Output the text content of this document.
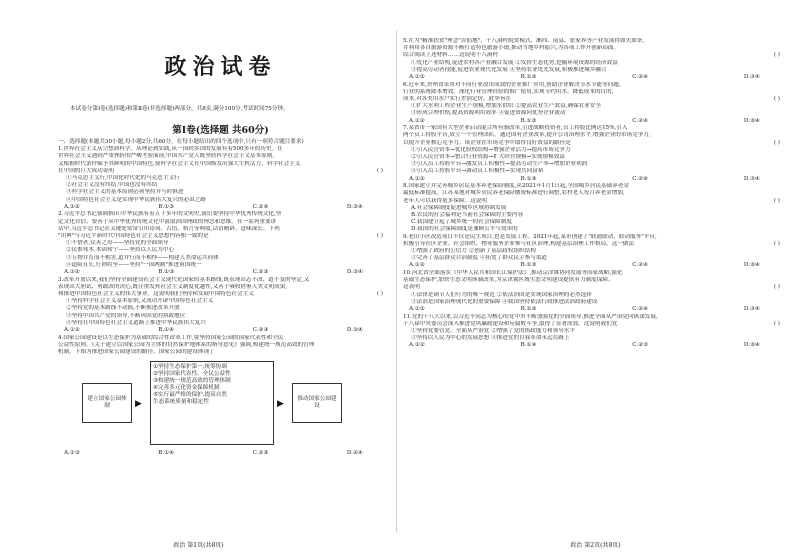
政治试卷
本试卷分第Ⅰ卷(选择题)和第Ⅱ卷(非选择题)两部分。共8页,满分100分,考试时间75分钟。
第Ⅰ卷(选择题 共60分)
一、选择题(本题共30小题,每小题2分,共60分。在每小题给出的四个选项中,只有一项符合题目要求)
1.世界社会主义从空想到科学、从理论到实践,从一国到多国的发展有着500多年的历史。在
世界社会主义遇到严重挫折的严峻考验面前,中国共产党人既坚持科学社会主义基本原则,
又根据时代条件赋予其鲜明的中国特色,使科学社会主义在中国焕发出强大生机活力。科学社会主义
在中国的巨大成功说明	( )
①马克思主义行,中国化时代化的马克思主义行
②社会主义没有终结,中国也没有终结
③科学社会主义的基本原则必须坚持并与时俱进
④中国特色社会主义是实现中华民族伟大复兴的必由之路
A.①②	B.①③	C.②④	D.③④
2.习近平总书记强调指出:中华民族有着五千多年的文明史,我们要坚持中华优秀传统文化,坚
定文化自信。要善于从中华优秀传统文化中汲取治国理政的理念和思维。在一系列重要讲
话中,习近平总书记在关键处常常引用诗词、古语、格言等典故,话语精辟、意味深长。下列
"用典"与习近平新时代中国特色社会主义思想内容相一致的是	( )
①不惜者,众善之母——坚持党的全面领导
②民惟邦本,本固邦宁——坚持以人民为中心
③万物并育而不相害,道并行而不相悖——构建人类命运共同体
④道阻且长,行则将至——坚持"一国两制"推进祖国统一
A.①②	B.①③	C.②③	D.③④
3.改革开放以来,我们坚持全面建设社会主义现代化国家的基本路线,既表现出志不改、道不变的坚定,又
表现出大胆试、勇敢改的决心,既注重发挥社会主义制度优越性,又善于吸收借鉴人类文明成果,
和推进中国特色社会主义的伟大事业。这说明我们坚持和发展中国特色社会主义	( )
①坚持科学社会主义基本原则,又成功开辟中国特色社会主义
②坚持党的基本路线不动摇,不断推进改革开放
③坚持中国共产党的领导,不断巩固党的执政地位
④坚持在中国特色社会主义道路上推进中华民族伟大复兴
A.①②	B.①④	C.②③	D.③④
4.国家公园建设是以生态保护为基础的综合性改革工作,要坚持国家公园的国家代表性和全民
公益性原则。《关于建立以国家公园为主体的自然保护地体系的指导意见》强调,构建统一规范高效的管理
机制。下图为推进国家公园建设的路径。国家公园的建设体现了
建立国家公园体制	▶
①坚持生态保护第一,统筹协调
②坚持国家代表性、全民公益性
③构建统一规范高效的管理体制
④完善多元化资金保障机制
⑤实行最严格的保护,提高自然
生态系统质量和稳定性	▶	推动国家公园建设
A.①③	B.①④	C.②③	D.②④
5.在为"精准扶贫"理念"首倡地"、十八洞村脱贫模式、湘西、南县、张家界等产业发展得如火如荼,
并利用各自旅游资源不断打造特色旅游小镇,推动当地乡村振兴,为各项工作开创新局面。
综合阅读上述材料……这说明十八洞村	( )
①优化产业结构,促进农村各产业融合发展 ②发挥生态优势,挖掘环境资源的经济效益
③提高劳动者技能,促进农业现代化发展 ④坚持农业优先发展,积极推进城乡融合
A.①②	B.①③	C.②④	D.③④
6.近年来,贵州省采用对不同行业改用成效的企业推广应用,帮助企业解决节水节能等问题,
行业的系统降本增效。深化行业管理经验的推广使用,实现节约用水、降低成本的目的,
成本,对各类用水户实行差别定价。此举旨在	( )
①扩大水利工程企业生产规模,增加水供给 ②提高农业生产效益,确保农业安全
③形成合理价格,提高资源利用效率 ④促进资源向优势企业流动
A.①②	B.①③	C.②④	D.③④
7.某省市一家国有大型企业启动混合所有制改革,引进战略投资者,员工持股比例达15%,引入
两个员工持股平台,成立一个管理团队。通过国有企业改革,提升公司治理水平,增强企业的市场竞争力,
以提升企业核心竞争力。该企业在市场竞争中取得良好效益的路径是	( )
①引入民营资本→优化股权结构→增强企业活力→提高市场竞争力
②引入民营资本→整合行业资源→扩大经营规模→实现规模效益
③引入员工持股平台→激发员工积极性→提高劳动生产率→增加企业利润
④引入员工持股平台→调动员工积极性→实现共同富裕
A.①②	B.①③	C.②④	D.③④
8.国家建立并完善城乡居民基本养老保险制度,从2021年1月1日起,全国城乡居民基础养老金
最低标准提高。江苏某地对城乡居民养老保险缴费标准进行调整,农村老人每月养老金增加,
老年人可以获得更多保障。这说明	( )
A.社会保障制度促进城乡区域协调发展
B.农民的社会福利是当前社会保障的主要内容
C.我国建立起了城乡统一的社会保障制度
D.我国的社会保障制度是兼顾公平与效率的
9.老旧小区改造项目不仅是民生项目,也是发展工程。2021年起,某市创建了"联通联动、联动服务"平台,
积极引导社区企业、社会组织、物业服务企业参与社区治理,构建基层治理工作格局。这一做法	( )
①增强了政府的公信力 ②创新了基层政权组织结构
③完善了基层群众自治制度 ④拓宽了群众民主参与渠道
A.①②	B.①③	C.②④	D.③④
10.河北省全面落实《中华人民共和国长江保护法》,推动京津冀协同发展等国家战略,强化
基础生态保护,加快生态文明体制改革,为京津冀区域生态文明建设提供有力制度保障。
这表明	( )
①法律是调节人们行为的唯一规范 ②依法治国是实现国家治理的必然选择
③法治是国家治理现代化的重要保障 ④我国坚持依法行政推进法治政府建设
A.①②	B.①③	C.②④	D.③④
11.党的十八大以来,以习近平同志为核心的党中央不断加强党的全面领导,推进全面从严治党向纵深发展,
十八届中央委员会深入推进党风廉政建设和反腐败斗争,取得了显著成效。这说明我们党	( )
①坚持党要管党、全面从严治党 ②增强了党的执政能力和领导水平
③坚持以人民为中心的发展思想 ④推进党的自我革命永远在路上
A.①②	B.①④	C.②③	D.③④
政治 第1页(共8页)	政治 第2页(共8页)
